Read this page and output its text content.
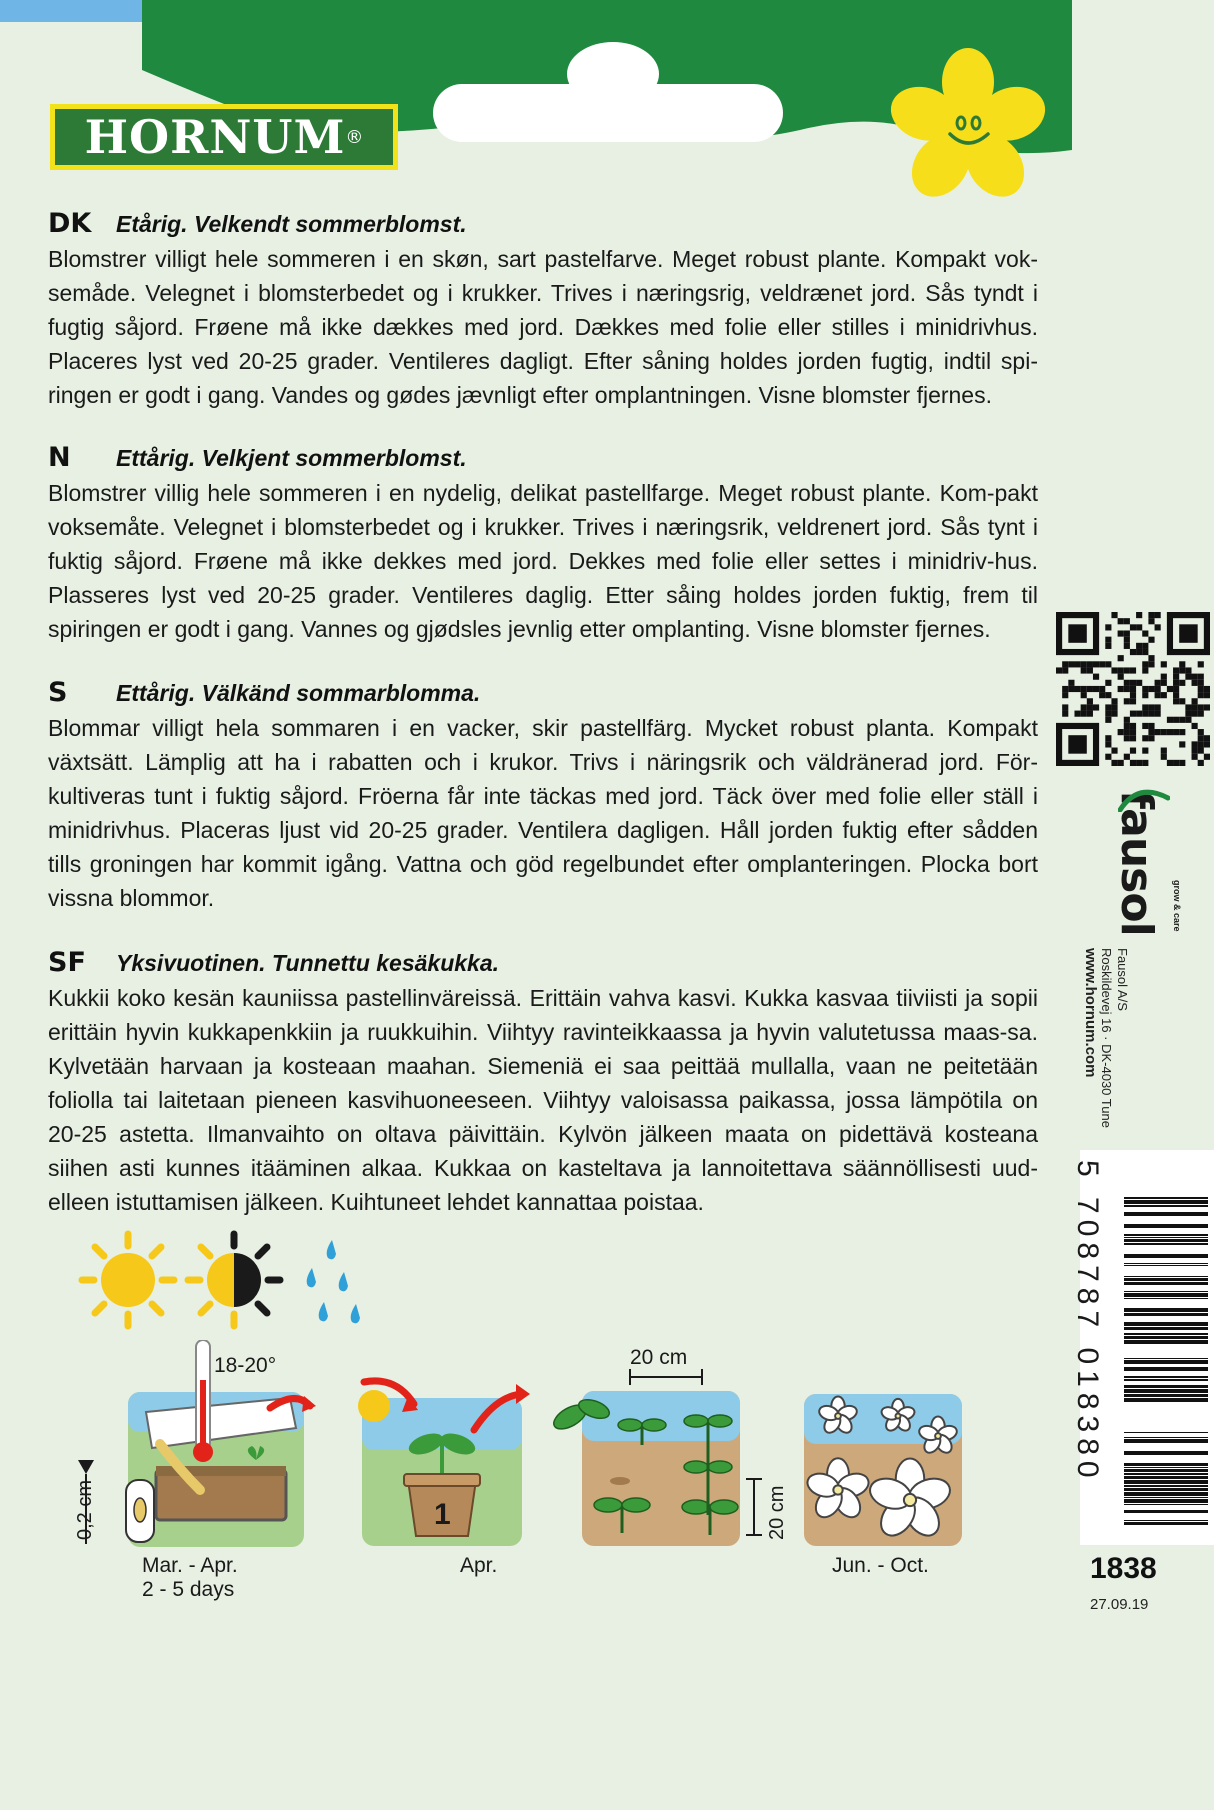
HORNUM ®
DK	Etårig. Velkendt sommerblomst.

Blomstrer villigt hele sommeren i en skøn, sart pastelfarve. Meget robust plante. Kompakt vok-semåde. Velegnet i blomsterbedet og i krukker. Trives i næringsrig, veldrænet jord. Sås tyndt i fugtig såjord. Frøene må ikke dækkes med jord. Dækkes med folie eller stilles i minidrivhus. Placeres lyst ved 20-25 grader. Ventileres dagligt. Efter såning holdes jorden fugtig, indtil spi-ringen er godt i gang. Vandes og gødes jævnligt efter omplantningen. Visne blomster fjernes.

N	Ettårig. Velkjent sommerblomst.

Blomstrer villig hele sommeren i en nydelig, delikat pastellfarge. Meget robust plante. Kom-pakt voksemåte. Velegnet i blomsterbedet og i krukker. Trives i næringsrik, veldrenert jord. Sås tynt i fuktig såjord. Frøene må ikke dekkes med jord. Dekkes med folie eller settes i minidriv-hus. Plasseres lyst ved 20-25 grader. Ventileres daglig. Etter såing holdes jorden fuktig, frem til spiringen er godt i gang. Vannes og gjødsles jevnlig etter omplanting. Visne blomster fjernes.

S	Ettårig. Välkänd sommarblomma.

Blommar villigt hela sommaren i en vacker, skir pastellfärg. Mycket robust planta. Kompakt växtsätt. Lämplig att ha i rabatten och i krukor. Trivs i näringsrik och väldränerad jord. För-kultiveras tunt i fuktig såjord. Fröerna får inte täckas med jord. Täck över med folie eller ställ i minidrivhus. Placeras ljust vid 20-25 grader. Ventilera dagligen. Håll jorden fuktig efter sådden tills groningen har kommit igång. Vattna och göd regelbundet efter omplanteringen. Plocka bort vissna blommor.

SF	Yksivuotinen. Tunnettu kesäkukka.

Kukkii koko kesän kauniissa pastellinväreissä. Erittäin vahva kasvi. Kukka kasvaa tiiviisti ja sopii erittäin hyvin kukkapenkkiin ja ruukkuihin. Viihtyy ravinteikkaassa ja hyvin valutetussa maas-sa. Kylvetään harvaan ja kosteaan maahan. Siemeniä ei saa peittää mullalla, vaan ne peitetään foliolla tai laitetaan pieneen kasvihuoneeseen. Viihtyy valoisassa paikassa, jossa lämpötila on 20-25 astetta. Ilmanvaihto on oltava päivittäin. Kylvön jälkeen maata on pidettävä kosteana siihen asti kunnes itääminen alkaa. Kukkaa on kasteltava ja lannoitettava säännöllisesti uud-elleen istuttamisen jälkeen. Kuihtuneet lehdet kannattaa poistaa.

fausol grow & care
Fausol A/S
Roskildevej 16 · DK-4030 Tune
www.hornum.com
5 708787 018380
1838
27.09.19
18-20°
0,2 cm
Mar. - Apr.
2 - 5 days
1
Apr.
20 cm
20 cm
Jun. - Oct.
